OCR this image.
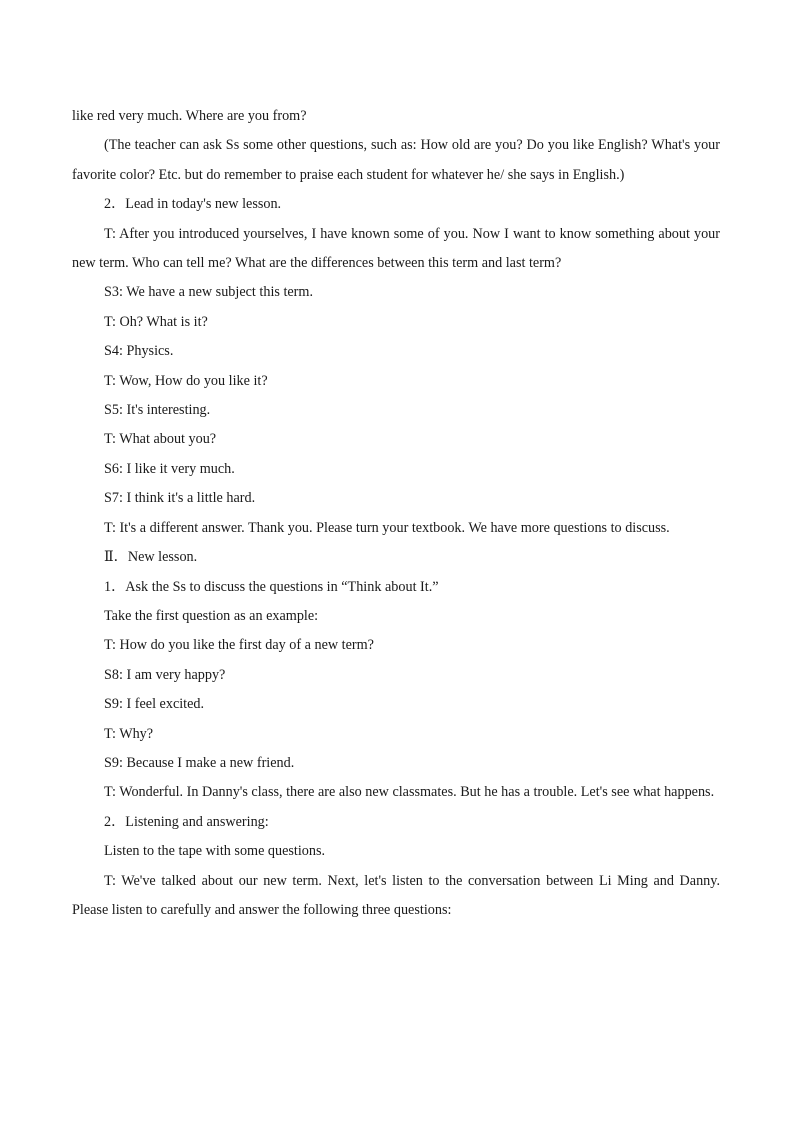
like red very much. Where are you from?

(The teacher can ask Ss some other questions, such as: How old are you? Do you like English? What's your favorite color? Etc. but do remember to praise each student for whatever he/ she says in English.)

2．Lead in today's new lesson.

T: After you introduced yourselves, I have known some of you. Now I want to know something about your new term. Who can tell me? What are the differences between this term and last term?

S3: We have a new subject this term.

T: Oh? What is it?

S4: Physics.

T: Wow, How do you like it?

S5: It's interesting.

T: What about you?

S6: I like it very much.

S7: I think it's a little hard.

T: It's a different answer. Thank you. Please turn your textbook. We have more questions to discuss.

Ⅱ．New lesson.

1．Ask the Ss to discuss the questions in “Think about It.”

Take the first question as an example:

T: How do you like the first day of a new term?

S8: I am very happy?

S9: I feel excited.

T: Why?

S9: Because I make a new friend.

T: Wonderful. In Danny's class, there are also new classmates. But he has a trouble. Let's see what happens.

2．Listening and answering:

Listen to the tape with some questions.

T: We've talked about our new term. Next, let's listen to the conversation between Li Ming and Danny. Please listen to carefully and answer the following three questions:
